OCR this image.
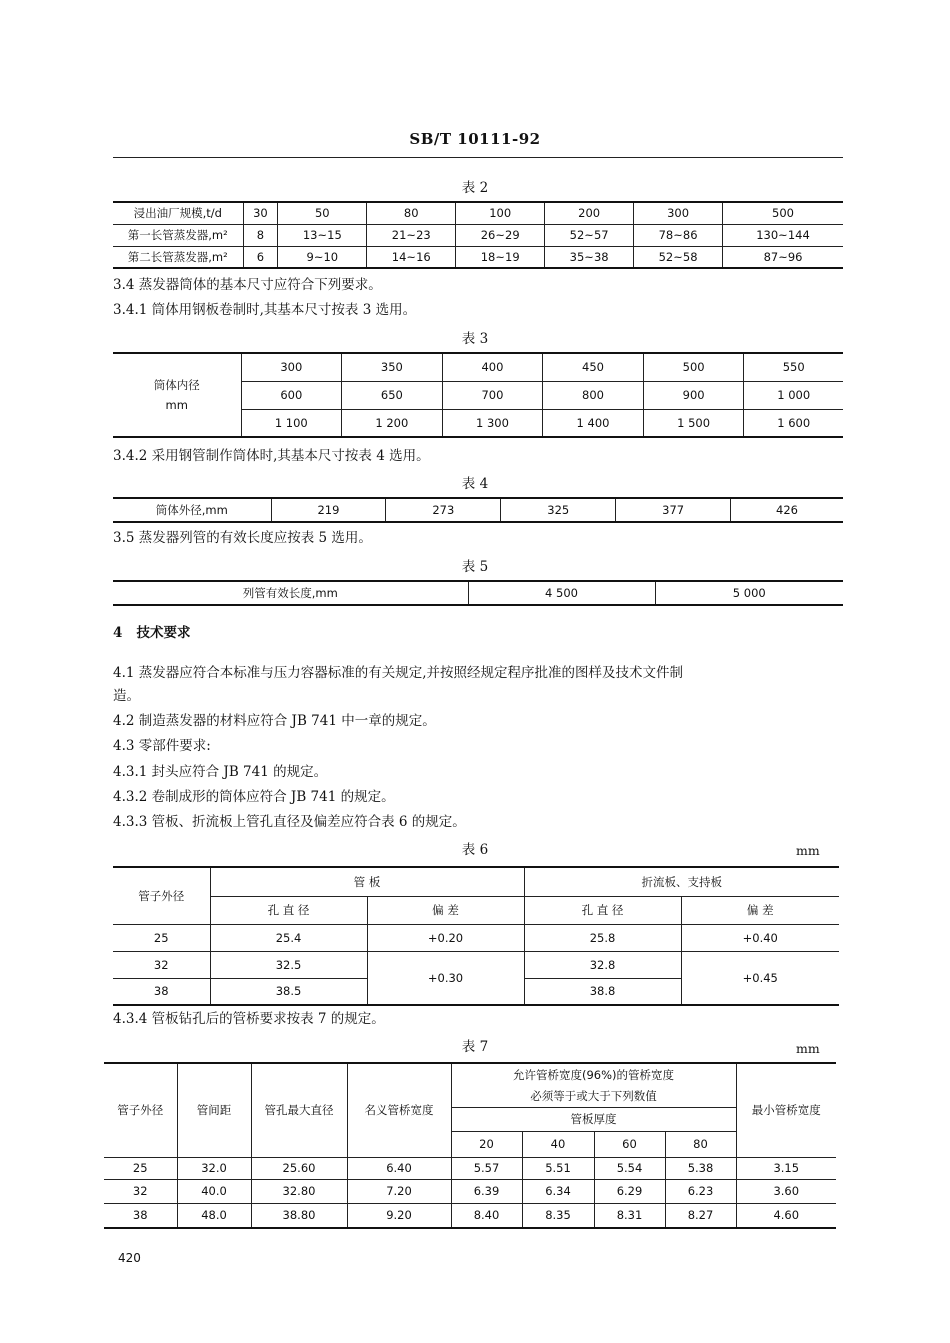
SB/T 10111-92
表 2
浸出油厂规模,t/d	30	50	80	100	200	300	500
第一长管蒸发器,m²	8	13~15	21~23	26~29	52~57	78~86	130~144
第二长管蒸发器,m²	6	9~10	14~16	18~19	35~38	52~58	87~96
3.4 蒸发器筒体的基本尺寸应符合下列要求。
3.4.1 筒体用钢板卷制时,其基本尺寸按表 3 选用。
表 3
筒体内径
mm	300	350	400	450	500	550
	600	650	700	800	900	1 000
	1 100	1 200	1 300	1 400	1 500	1 600
3.4.2 采用钢管制作筒体时,其基本尺寸按表 4 选用。
表 4
筒体外径,mm	219	273	325	377	426
3.5 蒸发器列管的有效长度应按表 5 选用。
表 5
列管有效长度,mm	4 500	5 000
4 技术要求
4.1 蒸发器应符合本标准与压力容器标准的有关规定,并按照经规定程序批准的图样及技术文件制
造。
4.2 制造蒸发器的材料应符合 JB 741 中一章的规定。
4.3 零部件要求:
4.3.1 封头应符合 JB 741 的规定。
4.3.2 卷制成形的筒体应符合 JB 741 的规定。
4.3.3 管板、折流板上管孔直径及偏差应符合表 6 的规定。
表 6	mm
管子外径	管 板		折流板、支持板	
	孔 直 径	偏 差	孔 直 径	偏 差
25	25.4	+0.20	25.8	+0.40
32	32.5	+0.30	32.8	+0.45
38	38.5		38.8	
4.3.4 管板钻孔后的管桥要求按表 7 的规定。
表 7
管子外径	管间距	管孔最大直径	名义管桥宽度	允许管桥宽度(96%)的管桥宽度				最小管桥宽度
				必须等于或大于下列数值				
				管板厚度				
				20	40	60	80	
25	32.0	25.60	6.40	5.57	5.51	5.54	5.38	3.15
32	40.0	32.80	7.20	6.39	6.34	6.29	6.23	3.60
38	48.0	38.80	9.20	8.40	8.35	8.31	8.27	4.60
mm
420
